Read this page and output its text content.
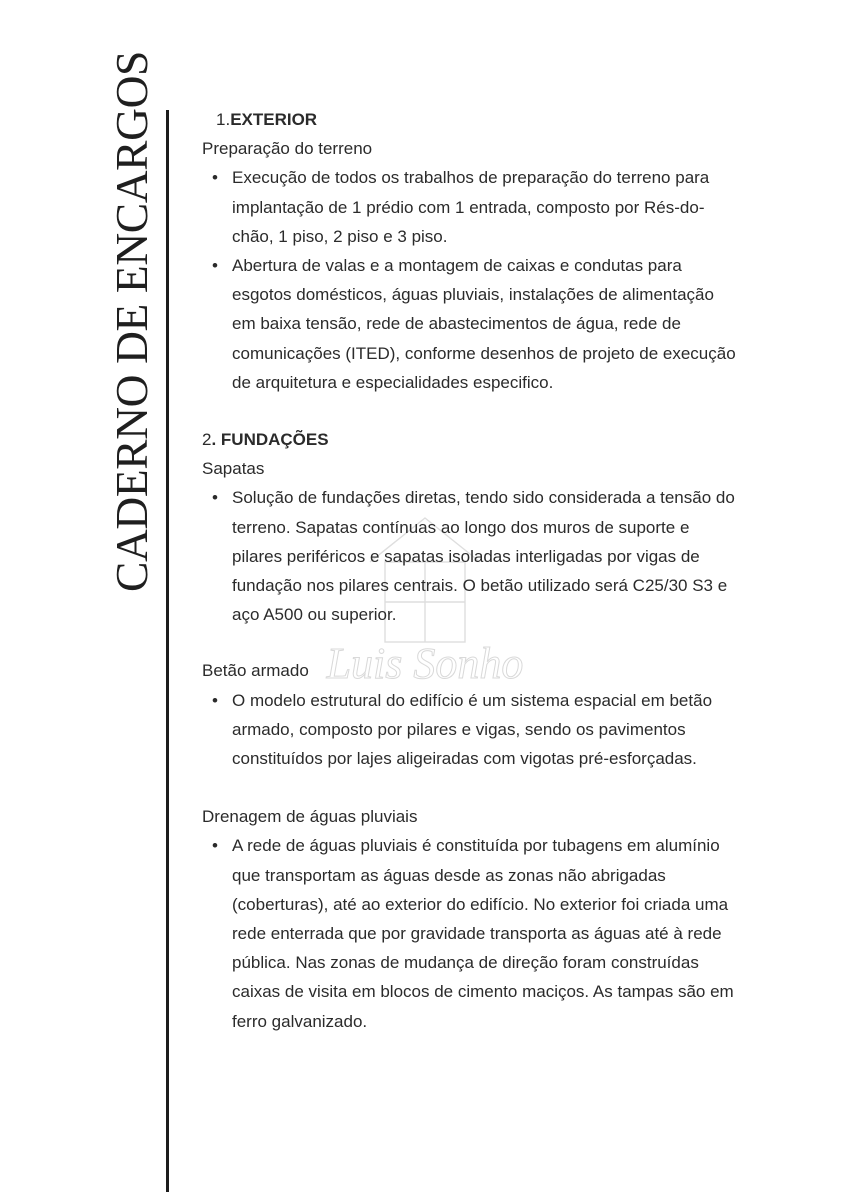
CADERNO DE ENCARGOS
Luis Sonho
1.EXTERIOR

Preparação do terreno

• Execução de todos os trabalhos de preparação do terreno para implantação de 1 prédio com 1 entrada, composto por Rés-do-chão, 1 piso, 2 piso e 3 piso.
• Abertura de valas e a montagem de caixas e condutas para esgotos domésticos, águas pluviais, instalações de alimentação em baixa tensão, rede de abastecimentos de água, rede de comunicações (ITED), conforme desenhos de projeto de execução de arquitetura e especialidades especifico.
2. FUNDAÇÕES

Sapatas

• Solução de fundações diretas, tendo sido considerada a tensão do terreno. Sapatas contínuas ao longo dos muros de suporte e pilares periféricos e sapatas isoladas interligadas por vigas de fundação nos pilares centrais. O betão utilizado será C25/30 S3 e aço A500 ou superior.

Betão armado

• O modelo estrutural do edifício é um sistema espacial em betão armado, composto por pilares e vigas, sendo os pavimentos constituídos por lajes aligeiradas com vigotas pré-esforçadas.

Drenagem de águas pluviais

• A rede de águas pluviais é constituída por tubagens em alumínio que transportam as águas desde as zonas não abrigadas (coberturas), até ao exterior do edifício. No exterior foi criada uma rede enterrada que por gravidade transporta as águas até à rede pública. Nas zonas de mudança de direção foram construídas caixas de visita em blocos de cimento maciços. As tampas são em ferro galvanizado.
